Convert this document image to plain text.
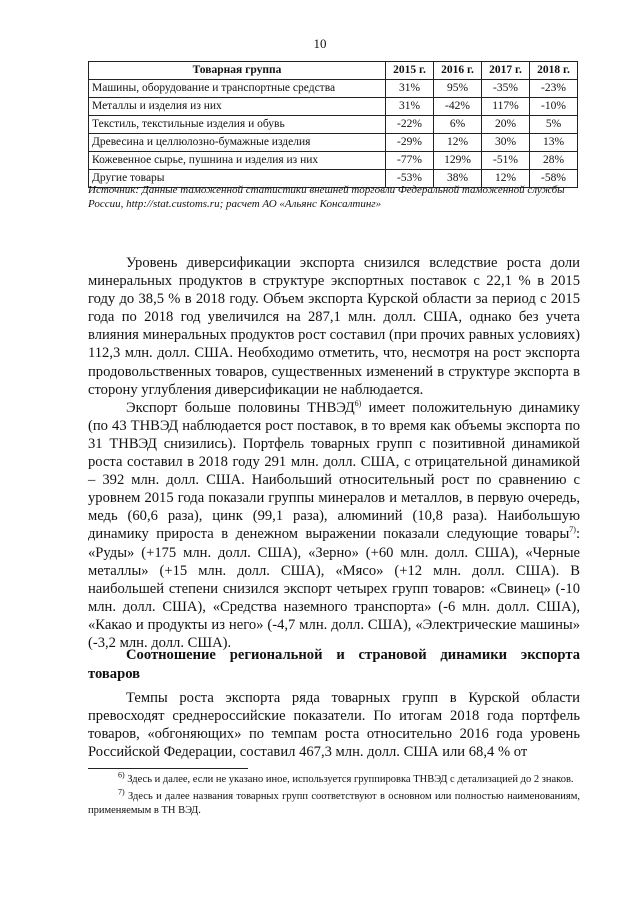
10
Товарная группа	2015 г.	2016 г.	2017 г.	2018 г.
Машины, оборудование и транспортные средства	31%	95%	-35%	-23%
Металлы и изделия из них	31%	-42%	117%	-10%
Текстиль, текстильные изделия и обувь	-22%	6%	20%	5%
Древесина и целлюлозно-бумажные изделия	-29%	12%	30%	13%
Кожевенное сырье, пушнина и изделия из них	-77%	129%	-51%	28%
Другие товары	-53%	38%	12%	-58%
Источник: Данные таможенной статистики внешней торговли Федеральной таможенной службы России, http://stat.customs.ru; расчет АО «Альянс Консалтинг»

Уровень диверсификации экспорта снизился вследствие роста доли минеральных продуктов в структуре экспортных поставок с 22,1 % в 2015 году до 38,5 % в 2018 году. Объем экспорта Курской области за период с 2015 года по 2018 год увеличился на 287,1 млн. долл. США, однако без учета влияния минеральных продуктов рост составил (при прочих равных условиях) 112,3 млн. долл. США. Необходимо отметить, что, несмотря на рост экспорта продовольственных товаров, существенных изменений в структуре экспорта в сторону углубления диверсификации не наблюдается.

Экспорт больше половины ТНВЭД$^{6)}$ имеет положительную динамику (по 43 ТНВЭД наблюдается рост поставок, в то время как объемы экспорта по 31 ТНВЭД снизились). Портфель товарных групп с позитивной динамикой роста составил в 2018 году 291 млн. долл. США, с отрицательной динамикой – 392 млн. долл. США. Наибольший относительный рост по сравнению с уровнем 2015 года показали группы минералов и металлов, в первую очередь, медь (60,6 раза), цинк (99,1 раза), алюминий (10,8 раза). Наибольшую динамику прироста в денежном выражении показали следующие товары$^{7)}$: «Руды» (+175 млн. долл. США), «Зерно» (+60 млн. долл. США), «Черные металлы» (+15 млн. долл. США), «Мясо» (+12 млн. долл. США). В наибольшей степени снизился экспорт четырех групп товаров: «Свинец» (-10 млн. долл. США), «Средства наземного транспорта» (-6 млн. долл. США), «Какао и продукты из него» (-4,7 млн. долл. США), «Электрические машины» (-3,2 млн. долл. США).

Соотношение региональной и страновой динамики экспорта товаров

Темпы роста экспорта ряда товарных групп в Курской области превосходят среднероссийские показатели. По итогам 2018 года портфель товаров, «обгоняющих» по темпам роста относительно 2016 года уровень Российской Федерации, составил 467,3 млн. долл. США или 68,4 % от

$^{6)}$ Здесь и далее, если не указано иное, используется группировка ТНВЭД с детализацией до 2 знаков.

$^{7)}$ Здесь и далее названия товарных групп соответствуют в основном или полностью наименованиям, применяемым в ТН ВЭД.
